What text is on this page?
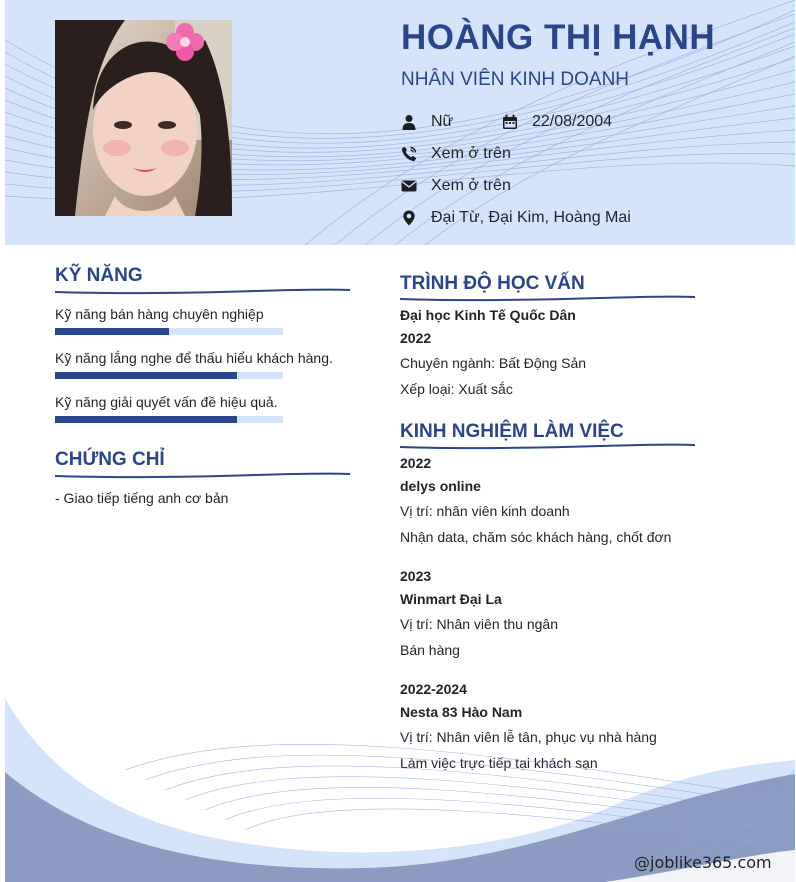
HOÀNG THỊ HẠNH
NHÂN VIÊN KINH DOANH
Nữ	22/08/2004
Xem ở trên
Xem ở trên
Đại Từ, Đại Kim, Hoàng Mai
KỸ NĂNG
Kỹ năng bán hàng chuyên nghiệp
Kỹ năng lắng nghe để thấu hiểu khách hàng.
Kỹ năng giải quyết vấn đề hiệu quả.
CHỨNG CHỈ
- Giao tiếp tiếng anh cơ bản
TRÌNH ĐỘ HỌC VẤN
Đại học Kinh Tế Quốc Dân
2022
Chuyên ngành: Bất Động Sản
Xếp loại: Xuất sắc
KINH NGHIỆM LÀM VIỆC
2022
delys online
Vị trí: nhân viên kinh doanh
Nhận data, chăm sóc khách hàng, chốt đơn
2023
Winmart Đại La
Vị trí: Nhân viên thu ngân
Bán hàng
2022-2024
Nesta 83 Hào Nam
Vị trí: Nhân viên lễ tân, phục vụ nhà hàng
Làm việc trực tiếp tại khách sạn
@joblike365.com
